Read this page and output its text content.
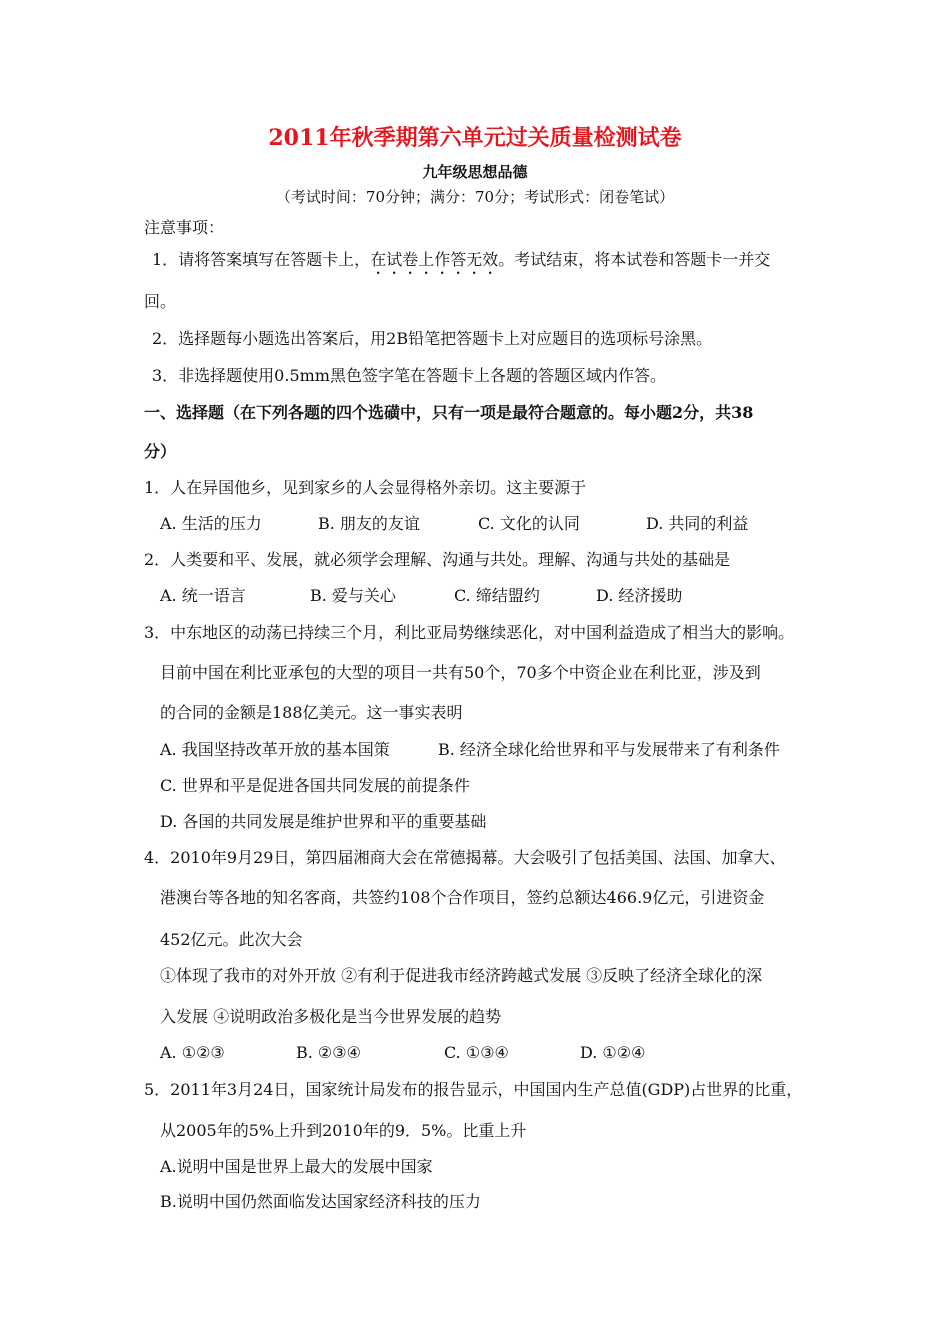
2011年秋季期第六单元过关质量检测试卷
九年级思想品德
（考试时间：70分钟；满分：70分；考试形式：闭卷笔试）
注意事项：
1．请将答案填写在答题卡上，在试卷上作答无效。考试结束，将本试卷和答题卡一并交
回。
2．选择题每小题选出答案后，用2B铅笔把答题卡上对应题目的选项标号涂黑。
3．非选择题使用0.5mm黑色签字笔在答题卡上各题的答题区域内作答。
一、选择题（在下列各题的四个选磺中，只有一项是最符合题意的。每小题2分，共38
分）
1．人在异国他乡，见到家乡的人会显得格外亲切。这主要源于
A. 生活的压力	B. 朋友的友谊	C. 文化的认同	D. 共同的利益
2．人类要和平、发展，就必须学会理解、沟通与共处。理解、沟通与共处的基础是
A. 统一语言	B. 爱与关心	C. 缔结盟约	D. 经济援助
3．中东地区的动荡已持续三个月，利比亚局势继续恶化，对中国利益造成了相当大的影响。
目前中国在利比亚承包的大型的项目一共有50个，70多个中资企业在利比亚，涉及到
的合同的金额是188亿美元。这一事实表明
A. 我国坚持改革开放的基本国策	B. 经济全球化给世界和平与发展带来了有利条件
C. 世界和平是促进各国共同发展的前提条件
D. 各国的共同发展是维护世界和平的重要基础
4．2010年9月29日，第四届湘商大会在常德揭幕。大会吸引了包括美国、法国、加拿大、
港澳台等各地的知名客商，共签约108个合作项目，签约总额达466.9亿元，引进资金
452亿元。此次大会
①体现了我市的对外开放 ②有利于促进我市经济跨越式发展 ③反映了经济全球化的深
入发展 ④说明政治多极化是当今世界发展的趋势
A. ①②③	B. ②③④	C. ①③④	D. ①②④
5．2011年3月24日，国家统计局发布的报告显示，中国国内生产总值(GDP)占世界的比重，
从2005年的5%上升到2010年的9．5%。比重上升
A.说明中国是世界上最大的发展中国家
B.说明中国仍然面临发达国家经济科技的压力
